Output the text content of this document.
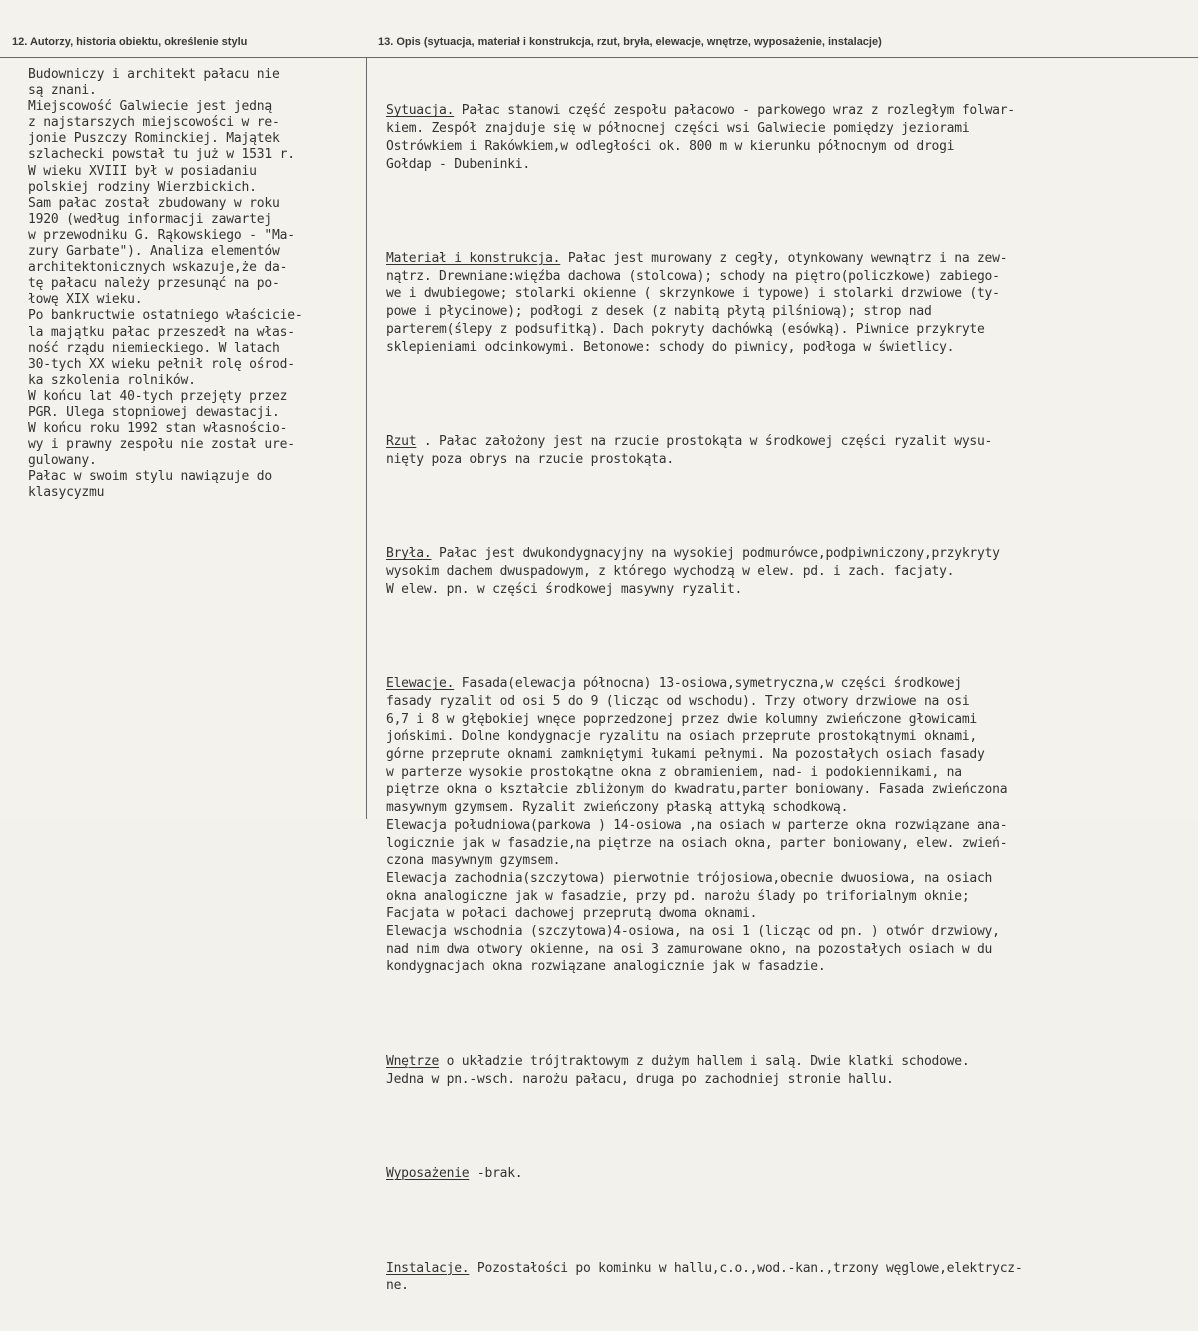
12. Autorzy, historia obiektu, określenie stylu	13. Opis (sytuacja, materiał i konstrukcja, rzut, bryła, elewacje, wnętrze, wyposażenie, instalacje)
Budowniczy i architekt pałacu nie
są znani.
Miejscowość Galwiecie jest jedną
z najstarszych miejscowości w re-
jonie Puszczy Rominckiej. Majątek
szlachecki powstał tu już w 1531 r.
W wieku XVIII był w posiadaniu
polskiej rodziny Wierzbickich.
Sam pałac został zbudowany w roku
1920 (według informacji zawartej
w przewodniku G. Rąkowskiego - "Ma-
zury Garbate"). Analiza elementów
architektonicznych wskazuje,że da-
tę pałacu należy przesunąć na po-
łowę XIX wieku.
Po bankructwie ostatniego właścicie-
la majątku pałac przeszedł na włas-
ność rządu niemieckiego. W latach
30-tych XX wieku pełnił rolę ośrod-
ka szkolenia rolników.
W końcu lat 40-tych przejęty przez
PGR. Ulega stopniowej dewastacji.
W końcu roku 1992 stan własnościo-
wy i prawny zespołu nie został ure-
gulowany.
Pałac w swoim stylu nawiązuje do
klasycyzmu

Sytuacja. Pałac stanowi część zespołu pałacowo - parkowego wraz z rozległym folwar-
kiem. Zespół znajduje się w północnej części wsi Galwiecie pomiędzy jeziorami
Ostrówkiem i Rakówkiem,w odległości ok. 800 m w kierunku północnym od drogi
Gołdap - Dubeninki.

Materiał i konstrukcja. Pałac jest murowany z cegły, otynkowany wewnątrz i na zew-
nątrz. Drewniane:więźba dachowa (stolcowa); schody na piętro(policzkowe) zabiego-
we i dwubiegowe; stolarki okienne ( skrzynkowe i typowe) i stolarki drzwiowe (ty-
powe i płycinowe); podłogi z desek (z nabitą płytą pilśniową); strop nad
parterem(ślepy z podsufitką). Dach pokryty dachówką (esówką). Piwnice przykryte
sklepieniami odcinkowymi. Betonowe: schody do piwnicy, podłoga w świetlicy.

Rzut . Pałac założony jest na rzucie prostokąta w środkowej części ryzalit wysu-
nięty poza obrys na rzucie prostokąta.

Bryła. Pałac jest dwukondygnacyjny na wysokiej podmurówce,podpiwniczony,przykryty
wysokim dachem dwuspadowym, z którego wychodzą w elew. pd. i zach. facjaty.
W elew. pn. w części środkowej masywny ryzalit.

Elewacje. Fasada(elewacja północna) 13-osiowa,symetryczna,w części środkowej
fasady ryzalit od osi 5 do 9 (licząc od wschodu). Trzy otwory drzwiowe na osi
6,7 i 8 w głębokiej wnęce poprzedzonej przez dwie kolumny zwieńczone głowicami
jońskimi. Dolne kondygnacje ryzalitu na osiach przeprute prostokątnymi oknami,
górne przeprute oknami zamkniętymi łukami pełnymi. Na pozostałych osiach fasady
w parterze wysokie prostokątne okna z obramieniem, nad- i podokiennikami, na
piętrze okna o kształcie zbliżonym do kwadratu,parter boniowany. Fasada zwieńczona
masywnym gzymsem. Ryzalit zwieńczony płaską attyką schodkową.
Elewacja południowa(parkowa ) 14-osiowa ,na osiach w parterze okna rozwiązane ana-
logicznie jak w fasadzie,na piętrze na osiach okna, parter boniowany, elew. zwień-
czona masywnym gzymsem.
Elewacja zachodnia(szczytowa) pierwotnie trójosiowa,obecnie dwuosiowa, na osiach
okna analogiczne jak w fasadzie, przy pd. narożu ślady po triforialnym oknie;
Facjata w połaci dachowej przeprutą dwoma oknami.
Elewacja wschodnia (szczytowa)4-osiowa, na osi 1 (licząc od pn. ) otwór drzwiowy,
nad nim dwa otwory okienne, na osi 3 zamurowane okno, na pozostałych osiach w du
kondygnacjach okna rozwiązane analogicznie jak w fasadzie.

Wnętrze o układzie trójtraktowym z dużym hallem i salą. Dwie klatki schodowe.
Jedna w pn.-wsch. narożu pałacu, druga po zachodniej stronie hallu.

Wyposażenie -brak.

Instalacje. Pozostałości po kominku w hallu,c.o.,wod.-kan.,trzony węglowe,elektrycz-
ne.
